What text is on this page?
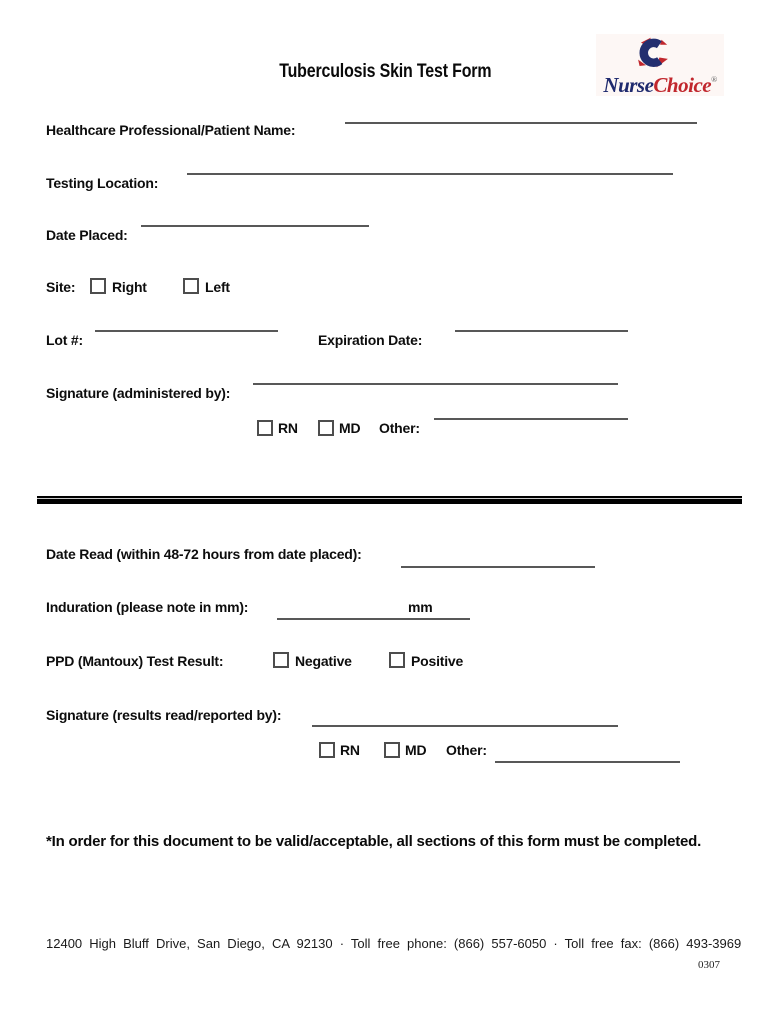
Tuberculosis Skin Test Form
NurseChoice®
Healthcare Professional/Patient Name:
Testing Location:
Date Placed:
Site:	Right	Left
Lot #:	Expiration Date:
Signature (administered by):
RN	MD Other:
Date Read (within 48-72 hours from date placed):
Induration (please note in mm):	mm
PPD (Mantoux) Test Result:	Negative	Positive
Signature (results read/reported by):
RN	MD Other:
*In order for this document to be valid/acceptable, all sections of this form must be completed.
12400 High Bluff Drive, San Diego, CA 92130 · Toll free phone: (866) 557-6050 · Toll free fax: (866) 493-3969
0307
